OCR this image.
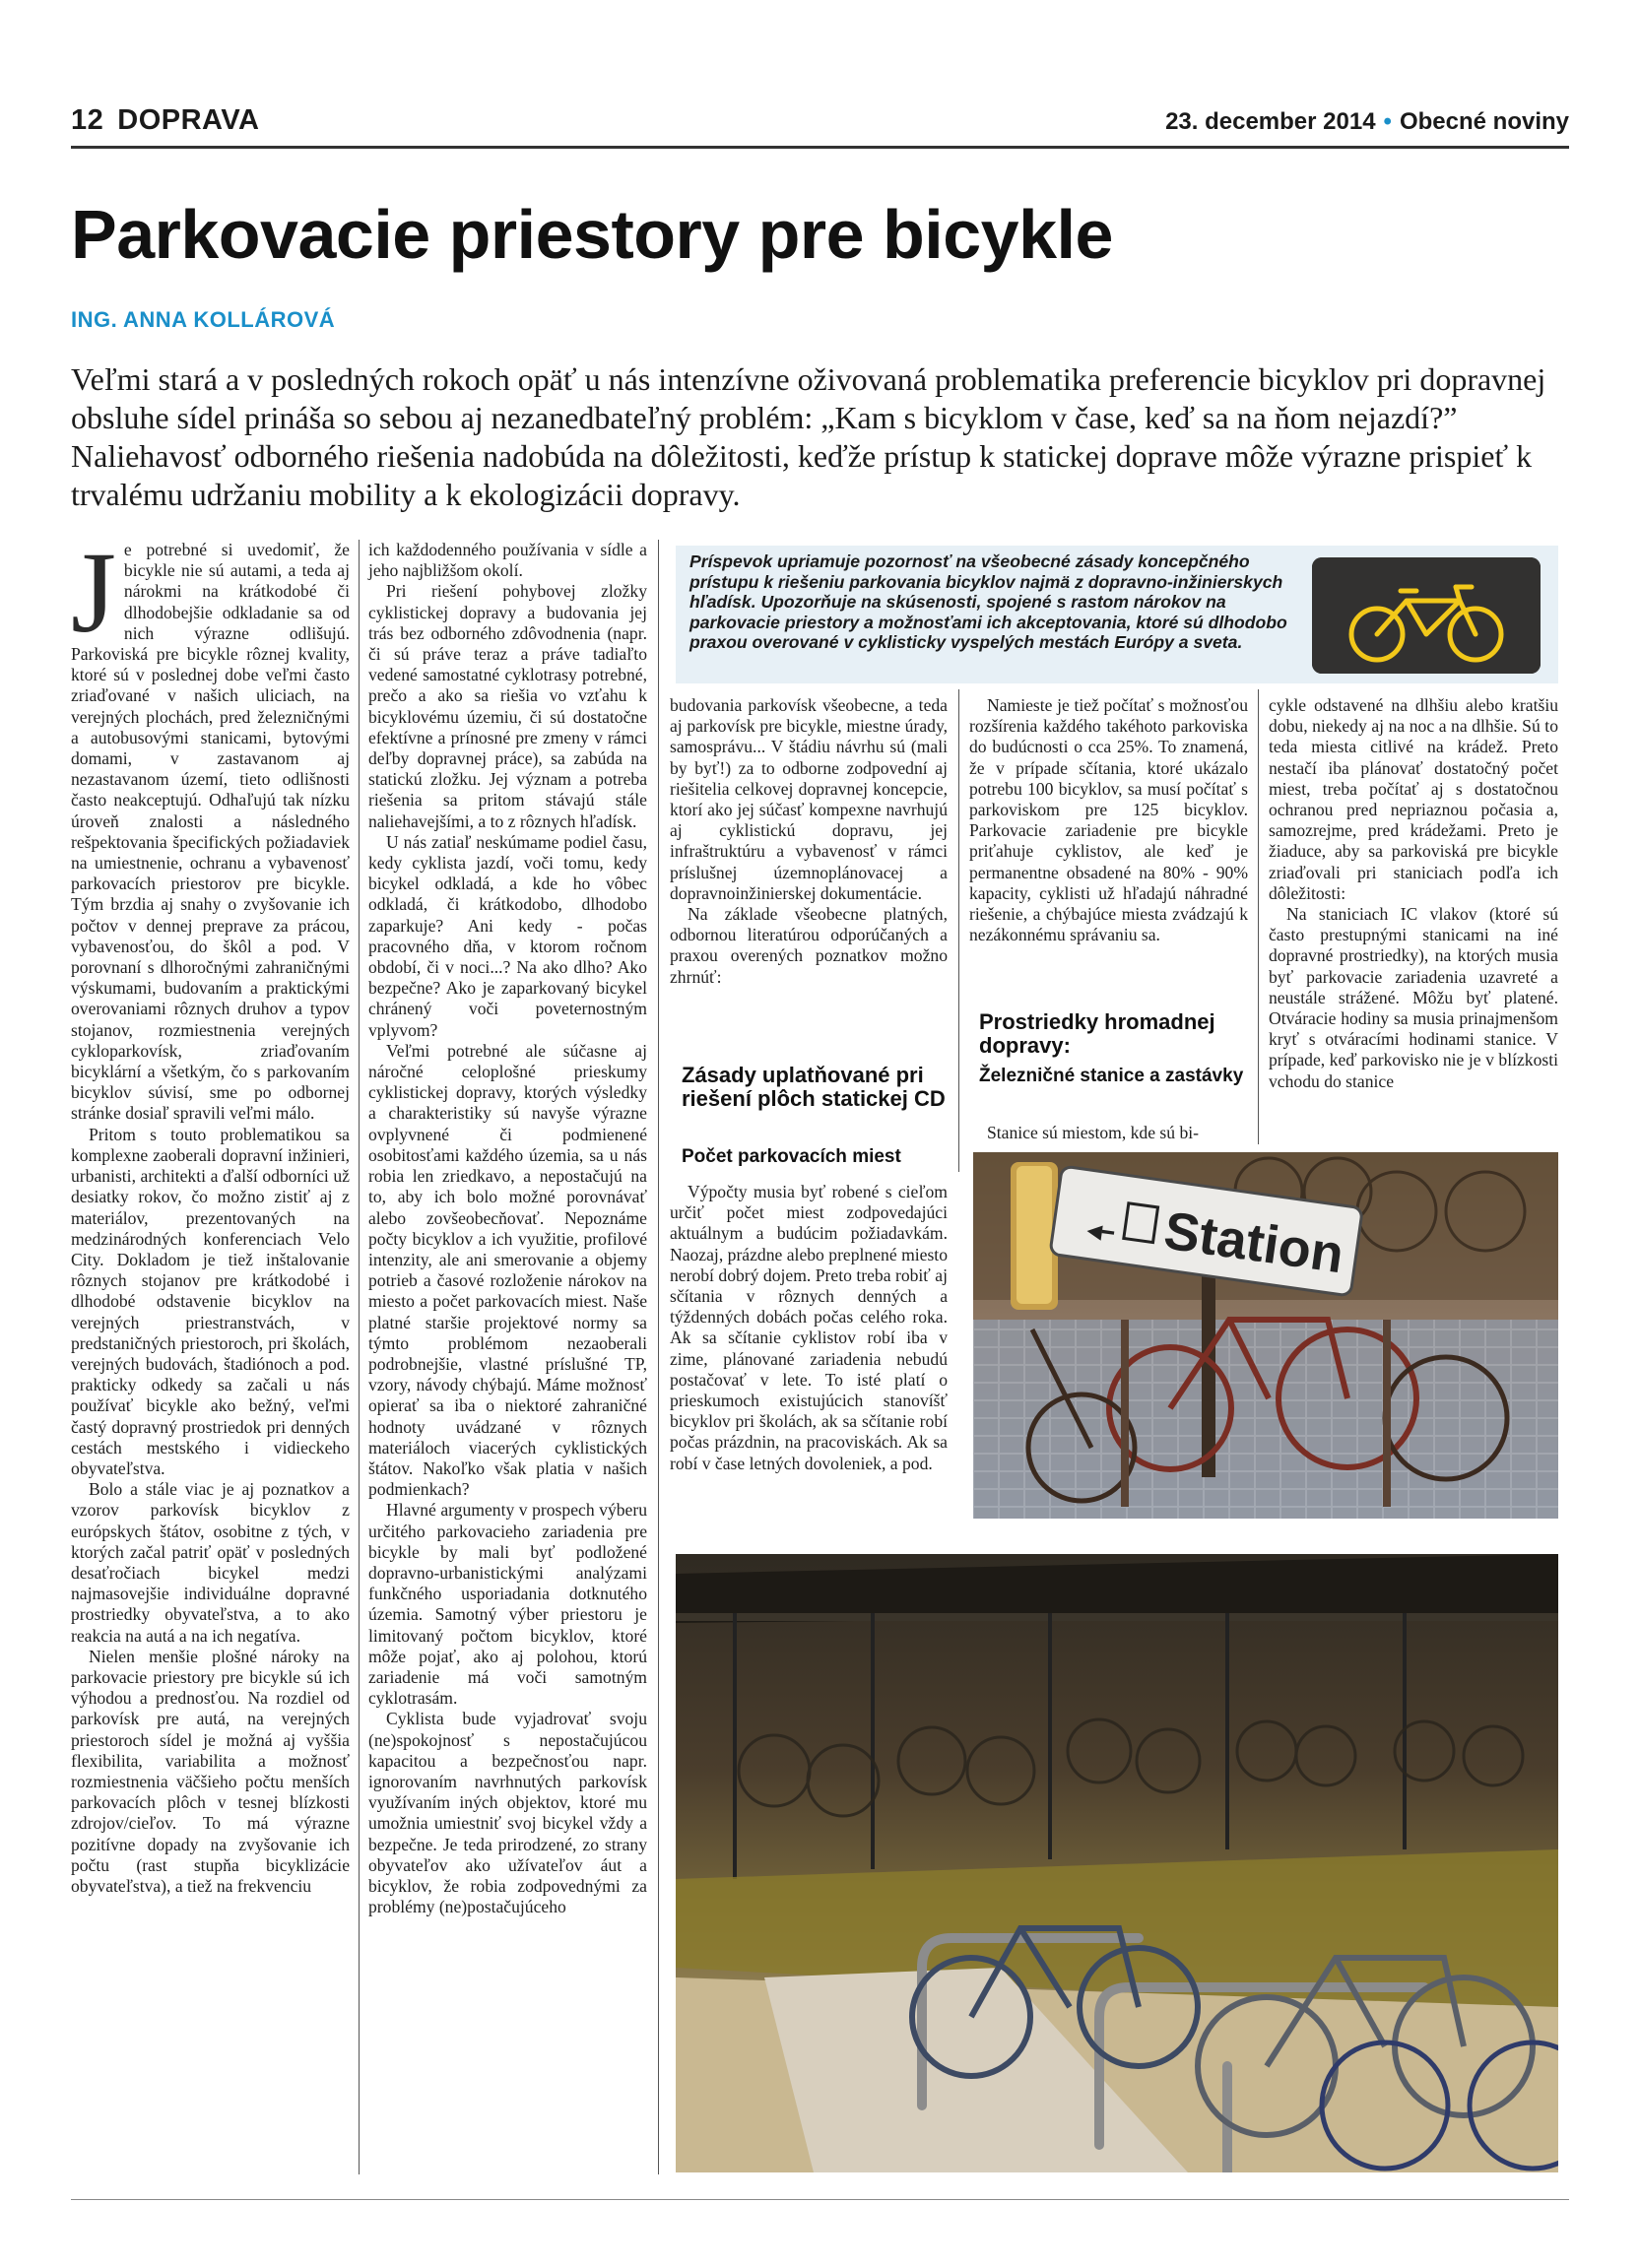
12 DOPRAVA	23. december 2014 • Obecné noviny
Parkovacie priestory pre bicykle
ING. ANNA KOLLÁROVÁ

Veľmi stará a v posledných rokoch opäť u nás intenzívne oživovaná problematika preferencie bicyklov pri dopravnej obsluhe sídel prináša so sebou aj nezanedbateľný problém: „Kam s bicyklom v čase, keď sa na ňom nejazdí?” Naliehavosť odborného riešenia nadobúda na dôležitosti, keďže prístup k statickej doprave môže výrazne prispieť k trvalému udržaniu mobility a k ekologizácii dopravy.

J e potrebné si uvedomiť, že bicykle nie sú autami, a teda aj nárokmi na krátkodobé či dlhodobejšie odkladanie sa od nich výrazne odlišujú. Parkoviská pre bicykle rôznej kvality, ktoré sú v poslednej dobe veľmi často zriaďované v našich uliciach, na verejných plochách, pred železničnými a autobusovými stanicami, bytovými domami, v zastavanom aj nezastavanom území, tieto odlišnosti často neakceptujú. Odhaľujú tak nízku úroveň znalosti a následného rešpektovania špecifických požiadaviek na umiestnenie, ochranu a vybavenosť parkovacích priestorov pre bicykle. Tým brzdia aj snahy o zvyšovanie ich počtov v dennej preprave za prácou, vybavenosťou, do škôl a pod. V porovnaní s dlhoročnými zahraničnými výskumami, budovaním a praktickými overovaniami rôznych druhov a typov stojanov, rozmiestnenia verejných cykloparkovísk, zriaďovaním bicyklární a všetkým, čo s parkovaním bicyklov súvisí, sme po odbornej stránke dosiaľ spravili veľmi málo.

Pritom s touto problematikou sa komplexne zaoberali dopravní inžinieri, urbanisti, architekti a ďalší odborníci už desiatky rokov, čo možno zistiť aj z materiálov, prezentovaných na medzinárodných konferenciach Velo City. Dokladom je tiež inštalovanie rôznych stojanov pre krátkodobé i dlhodobé odstavenie bicyklov na verejných priestranstvách, v predstaničných priestoroch, pri školách, verejných budovách, štadiónoch a pod. prakticky odkedy sa začali u nás používať bicykle ako bežný, veľmi častý dopravný prostriedok pri denných cestách mestského i vidieckeho obyvateľstva.

Bolo a stále viac je aj poznatkov a vzorov parkovísk bicyklov z európskych štátov, osobitne z tých, v ktorých začal patriť opäť v posledných desaťročiach bicykel medzi najmasovejšie individuálne dopravné prostriedky obyvateľstva, a to ako reakcia na autá a na ich negatíva.

Nielen menšie plošné nároky na parkovacie priestory pre bicykle sú ich výhodou a prednosťou. Na rozdiel od parkovísk pre autá, na verejných priestoroch sídel je možná aj vyššia flexibilita, variabilita a možnosť rozmiestnenia väčšieho počtu menších parkovacích plôch v tesnej blízkosti zdrojov/cieľov. To má výrazne pozitívne dopady na zvyšovanie ich počtu (rast stupňa bicyklizácie obyvateľstva), a tiež na frekvenciu

ich každodenného používania v sídle a jeho najbližšom okolí.

Pri riešení pohybovej zložky cyklistickej dopravy a budovania jej trás bez odborného zdôvodnenia (napr. či sú práve teraz a práve tadiaľto vedené samostatné cyklotrasy potrebné, prečo a ako sa riešia vo vzťahu k bicyklovému územiu, či sú dostatočne efektívne a prínosné pre zmeny v rámci deľby dopravnej práce), sa zabúda na statickú zložku. Jej význam a potreba riešenia sa pritom stávajú stále naliehavejšími, a to z rôznych hľadísk.

U nás zatiaľ neskúmame podiel času, kedy cyklista jazdí, voči tomu, kedy bicykel odkladá, a kde ho vôbec odkladá, či krátkodobo, dlhodobo zaparkuje? Ani kedy - počas pracovného dňa, v ktorom ročnom období, či v noci...? Na ako dlho? Ako bezpečne? Ako je zaparkovaný bicykel chránený voči poveternostným vplyvom?

Veľmi potrebné ale súčasne aj náročné celoplošné prieskumy cyklistickej dopravy, ktorých výsledky a charakteristiky sú navyše výrazne ovplyvnené či podmienené osobitosťami každého územia, sa u nás robia len zriedkavo, a nepostačujú na to, aby ich bolo možné porovnávať alebo zovšeobecňovať. Nepoznáme počty bicyklov a ich využitie, profilové intenzity, ale ani smerovanie a objemy potrieb a časové rozloženie nárokov na miesto a počet parkovacích miest. Naše platné staršie projektové normy sa týmto problémom nezaoberali podrobnejšie, vlastné príslušné TP, vzory, návody chýbajú. Máme možnosť opierať sa iba o niektoré zahraničné hodnoty uvádzané v rôznych materiáloch viacerých cyklistických štátov. Nakoľko však platia v našich podmienkach?

Hlavné argumenty v prospech výberu určitého parkovacieho zariadenia pre bicykle by mali byť podložené dopravno-urbanistickými analýzami funkčného usporiadania dotknutého územia. Samotný výber priestoru je limitovaný počtom bicyklov, ktoré môže pojať, ako aj polohou, ktorú zariadenie má voči samotným cyklotrasám.

Cyklista bude vyjadrovať svoju (ne)spokojnosť s nepostačujúcou kapacitou a bezpečnosťou napr. ignorovaním navrhnutých parkovísk využívaním iných objektov, ktoré mu umožnia umiestniť svoj bicykel vždy a bezpečne. Je teda prirodzené, zo strany obyvateľov ako užívateľov áut a bicyklov, že robia zodpovednými za problémy (ne)postačujúceho

Príspevok upriamuje pozornosť na všeobecné zásady koncepčného prístupu k riešeniu parkovania bicyklov najmä z dopravno-inžinierskych hľadísk. Upozorňuje na skúsenosti, spojené s rastom nárokov na parkovacie priestory a možnosťami ich akceptovania, ktoré sú dlhodobo praxou overované v cyklisticky vyspelých mestách Európy a sveta.

budovania parkovísk všeobecne, a teda aj parkovísk pre bicykle, miestne úrady, samosprávu... V štádiu návrhu sú (mali by byť!) za to odborne zodpovední aj riešitelia celkovej dopravnej koncepcie, ktorí ako jej súčasť kompexne navrhujú aj cyklistickú dopravu, jej infraštruktúru a vybavenosť v rámci príslušnej územnoplánovacej a dopravnoinžinierskej dokumentácie.

Na základe všeobecne platných, odbornou literatúrou odporúčaných a praxou overených poznatkov možno zhrnúť:

Zásady uplatňované pri riešení plôch statickej CD
Počet parkovacích miest

Výpočty musia byť robené s cieľom určiť počet miest zodpovedajúci aktuálnym a budúcim požiadavkám. Naozaj, prázdne alebo preplnené miesto nerobí dobrý dojem. Preto treba robiť aj sčítania v rôznych denných a týždenných dobách počas celého roka. Ak sa sčítanie cyklistov robí iba v zime, plánované zariadenia nebudú postačovať v lete. To isté platí o prieskumoch existujúcich stanovíšť bicyklov pri školách, ak sa sčítanie robí počas prázdnin, na pracoviskách. Ak sa robí v čase letných dovoleniek, a pod.

Namieste je tiež počítať s možnosťou rozšírenia každého takéhoto parkoviska do budúcnosti o cca 25%. To znamená, že v prípade sčítania, ktoré ukázalo potrebu 100 bicyklov, sa musí počítať s parkoviskom pre 125 bicyklov. Parkovacie zariadenie pre bicykle priťahuje cyklistov, ale keď je permanentne obsadené na 80% - 90% kapacity, cyklisti už hľadajú náhradné riešenie, a chýbajúce miesta zvádzajú k nezákonnému správaniu sa.

Prostriedky hromadnej dopravy:
Železničné stanice a zastávky

Stanice sú miestom, kde sú bi-

cykle odstavené na dlhšiu alebo kratšiu dobu, niekedy aj na noc a na dlhšie. Sú to teda miesta citlivé na krádež. Preto nestačí iba plánovať dostatočný počet miest, treba počítať aj s dostatočnou ochranou pred nepriaznou počasia a, samozrejme, pred krádežami. Preto je žiaduce, aby sa parkoviská pre bicykle zriaďovali pri staniciach podľa ich dôležitosti:

Na staniciach IC vlakov (ktoré sú často prestupnými stanicami na iné dopravné prostriedky), na ktorých musia byť parkovacie zariadenia uzavreté a neustále strážené. Môžu byť platené. Otváracie hodiny sa musia prinajmenšom kryť s otváracími hodinami stanice. V prípade, keď parkovisko nie je v blízkosti vchodu do stanice

◀━ Station
